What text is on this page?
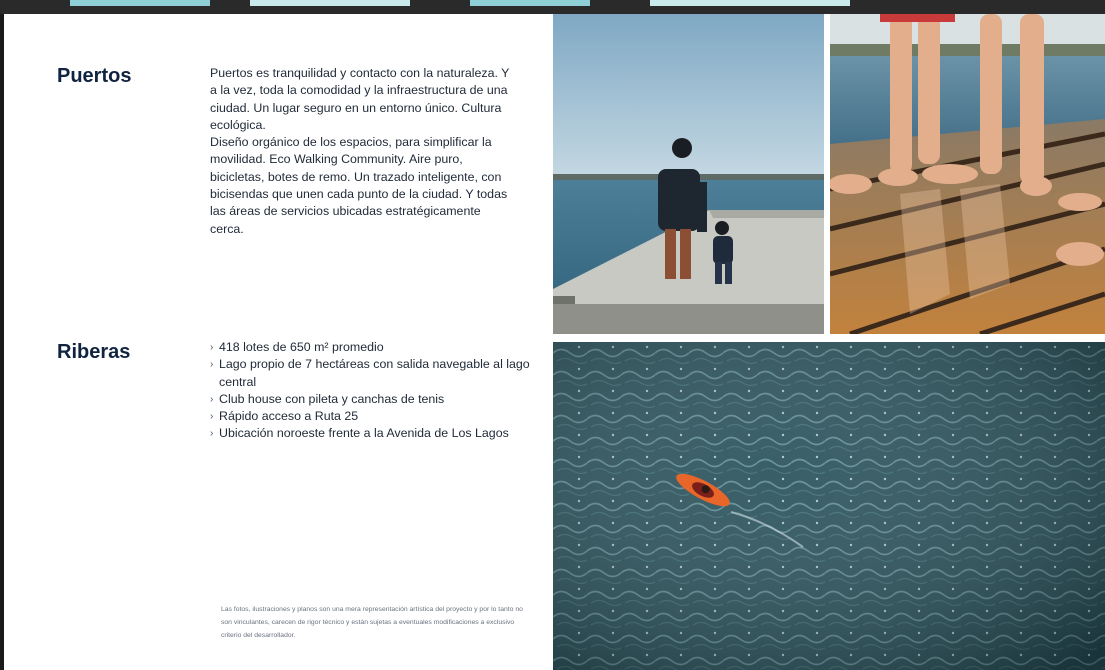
Puertos	Puertos es tranquilidad y contacto con la naturaleza. Y a la vez, toda la comodidad y la infraestructura de una ciudad. Un lugar seguro en un entorno único. Cultura ecológica.

Diseño orgánico de los espacios, para simplificar la movilidad. Eco Walking Community. Aire puro, bicicletas, botes de remo. Un trazado inteligente, con bicisendas que unen cada punto de la ciudad. Y todas las áreas de servicios ubicadas estratégicamente cerca.

Riberas
›	418 lotes de 650 m² promedio
› Lago propio de 7 hectáreas con salida navegable al lago central
› Club house con pileta y canchas de tenis
› Rápido acceso a Ruta 25
› Ubicación noroeste frente a la Avenida de Los Lagos

Las fotos, ilustraciones y planos son una mera representación artística del proyecto y por lo tanto no son vinculantes, carecen de rigor técnico y están sujetas a eventuales modificaciones a exclusivo criterio del desarrollador.
